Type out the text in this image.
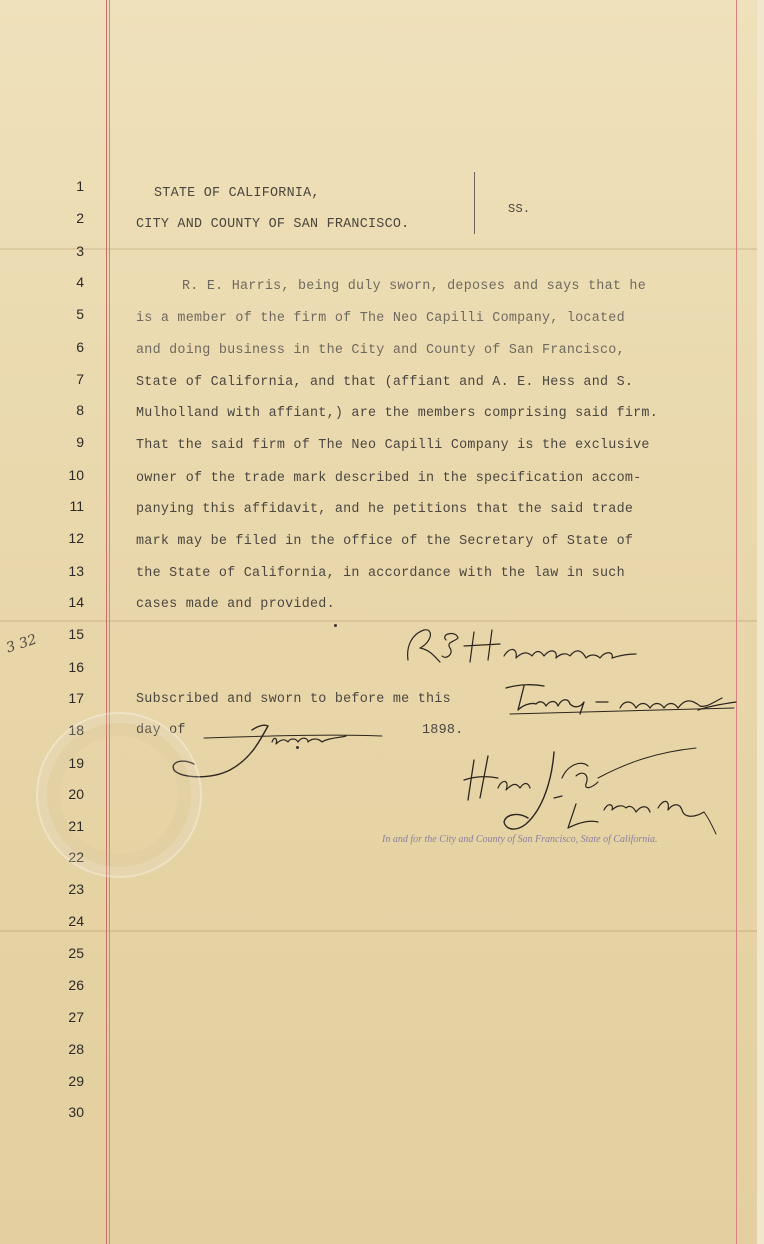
1
2
3
4
5
6
7
8
9
10
11
12
13
14
15
16
17
18
19
20
21
22
23
24
25
26
27
28
29
30
STATE OF CALIFORNIA,
CITY AND COUNTY OF SAN FRANCISCO.
SS.
R. E. Harris, being duly sworn, deposes and says that he
is a member of the firm of The Neo Capilli Company, located
and doing business in the City and County of San Francisco,
State of California, and that (affiant and A. E. Hess and S.
Mulholland with affiant,) are the members comprising said firm.
That the said firm of The Neo Capilli Company is the exclusive
owner of the trade mark described in the specification accom-
panying this affidavit, and he petitions that the said trade
mark may be filed in the office of the Secretary of State of
the State of California, in accordance with the law in such
cases made and provided.
Subscribed and sworn to before me this
day of	1898.
In and for the City and County of San Francisco, State of California.
3 32
